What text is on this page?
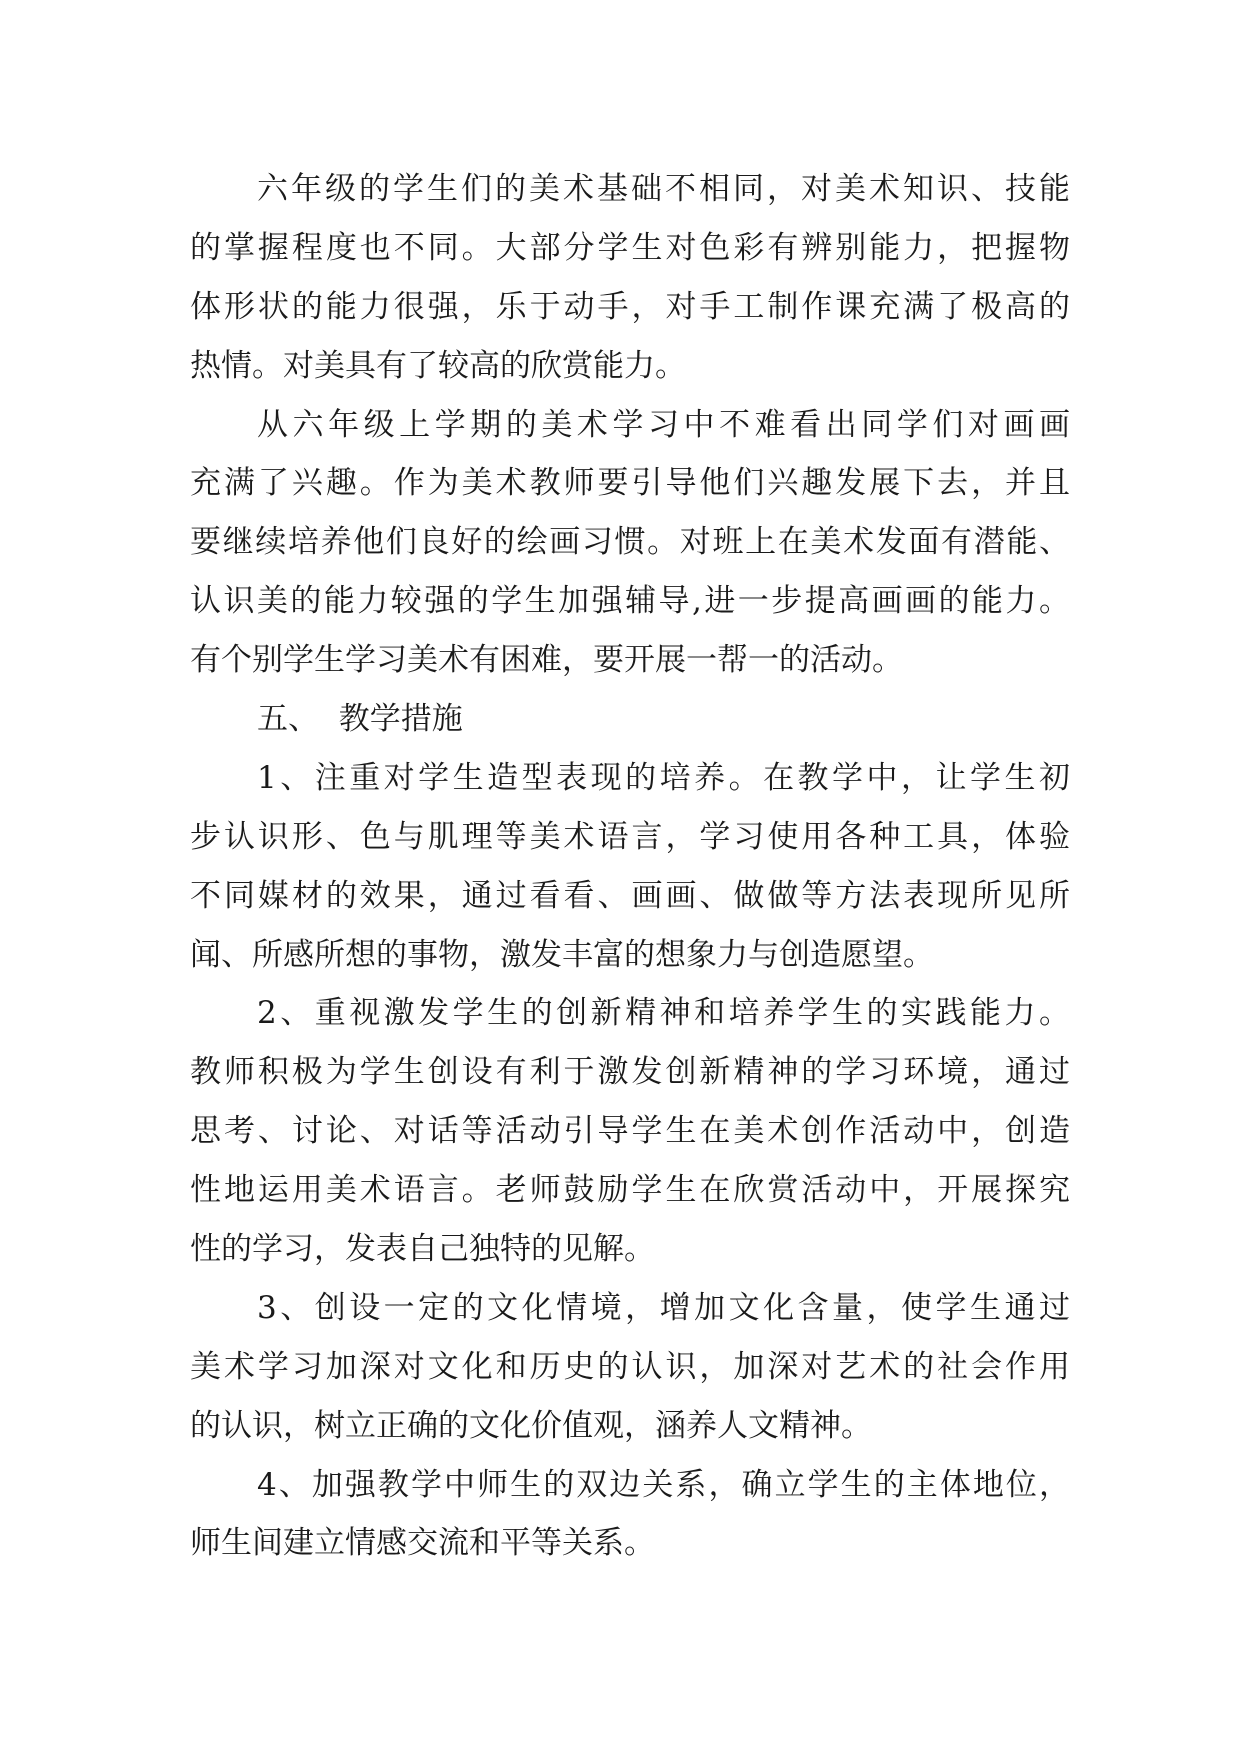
六年级的学生们的美术基础不相同，对美术知识、技能
的掌握程度也不同。大部分学生对色彩有辨别能力，把握物
体形状的能力很强，乐于动手，对手工制作课充满了极高的
热情。对美具有了较高的欣赏能力。
从六年级上学期的美术学习中不难看出同学们对画画
充满了兴趣。作为美术教师要引导他们兴趣发展下去，并且
要继续培养他们良好的绘画习惯。对班上在美术发面有潜能、
认识美的能力较强的学生加强辅导,进一步提高画画的能力。
有个别学生学习美术有困难，要开展一帮一的活动。
五、  教学措施
1、注重对学生造型表现的培养。在教学中，让学生初
步认识形、色与肌理等美术语言，学习使用各种工具，体验
不同媒材的效果，通过看看、画画、做做等方法表现所见所
闻、所感所想的事物，激发丰富的想象力与创造愿望。
2、重视激发学生的创新精神和培养学生的实践能力。
教师积极为学生创设有利于激发创新精神的学习环境，通过
思考、讨论、对话等活动引导学生在美术创作活动中，创造
性地运用美术语言。老师鼓励学生在欣赏活动中，开展探究
性的学习，发表自己独特的见解。
3、创设一定的文化情境，增加文化含量，使学生通过
美术学习加深对文化和历史的认识，加深对艺术的社会作用
的认识，树立正确的文化价值观，涵养人文精神。
4、加强教学中师生的双边关系，确立学生的主体地位，
师生间建立情感交流和平等关系。
